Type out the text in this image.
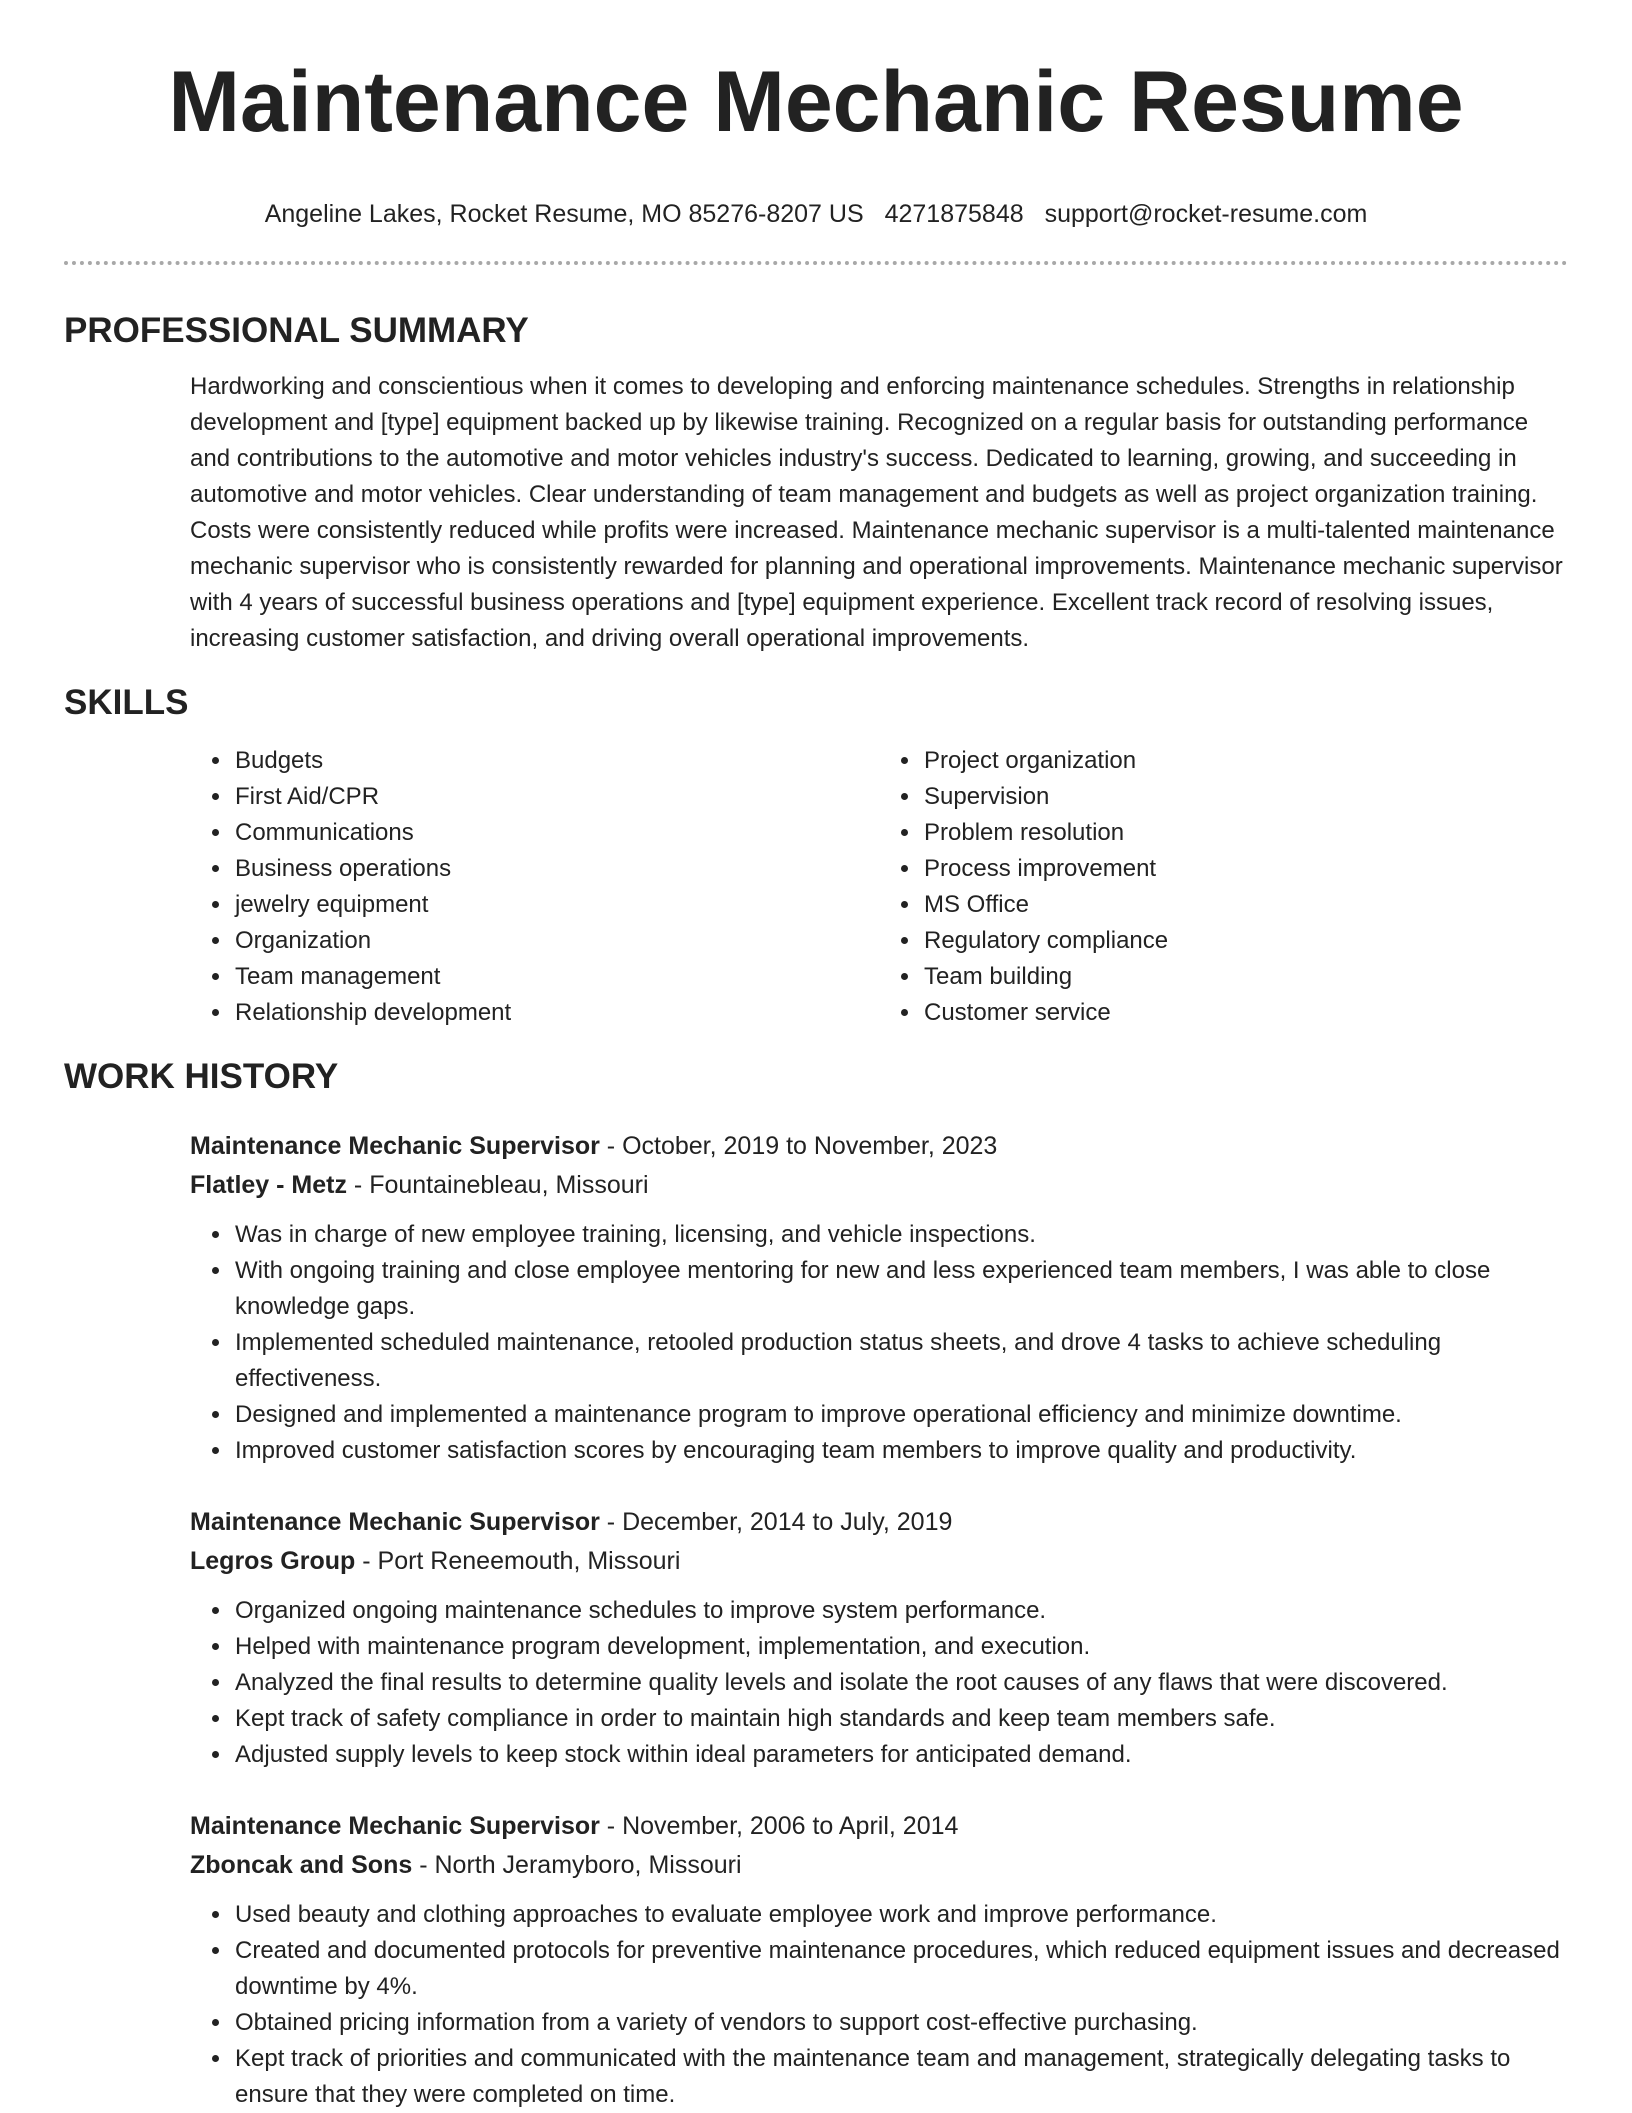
Maintenance Mechanic Resume
Angeline Lakes, Rocket Resume, MO 85276-8207 US 4271875848 support@rocket-resume.com
PROFESSIONAL SUMMARY
Hardworking and conscientious when it comes to developing and enforcing maintenance schedules. Strengths in relationship development and [type] equipment backed up by likewise training. Recognized on a regular basis for outstanding performance and contributions to the automotive and motor vehicles industry's success. Dedicated to learning, growing, and succeeding in automotive and motor vehicles. Clear understanding of team management and budgets as well as project organization training. Costs were consistently reduced while profits were increased. Maintenance mechanic supervisor is a multi-talented maintenance mechanic supervisor who is consistently rewarded for planning and operational improvements. Maintenance mechanic supervisor with 4 years of successful business operations and [type] equipment experience. Excellent track record of resolving issues, increasing customer satisfaction, and driving overall operational improvements.
SKILLS
• Budgets
• First Aid/CPR
• Communications
• Business operations
• jewelry equipment
• Organization
• Team management
• Relationship development
• Project organization
• Supervision
• Problem resolution
• Process improvement
• MS Office
• Regulatory compliance
• Team building
• Customer service
WORK HISTORY
Maintenance Mechanic Supervisor - October, 2019 to November, 2023
Flatley - Metz - Fountainebleau, Missouri
• Was in charge of new employee training, licensing, and vehicle inspections.
• With ongoing training and close employee mentoring for new and less experienced team members, I was able to close knowledge gaps.
• Implemented scheduled maintenance, retooled production status sheets, and drove 4 tasks to achieve scheduling effectiveness.
• Designed and implemented a maintenance program to improve operational efficiency and minimize downtime.
• Improved customer satisfaction scores by encouraging team members to improve quality and productivity.
Maintenance Mechanic Supervisor - December, 2014 to July, 2019
Legros Group - Port Reneemouth, Missouri
• Organized ongoing maintenance schedules to improve system performance.
• Helped with maintenance program development, implementation, and execution.
• Analyzed the final results to determine quality levels and isolate the root causes of any flaws that were discovered.
• Kept track of safety compliance in order to maintain high standards and keep team members safe.
• Adjusted supply levels to keep stock within ideal parameters for anticipated demand.
Maintenance Mechanic Supervisor - November, 2006 to April, 2014
Zboncak and Sons - North Jeramyboro, Missouri
• Used beauty and clothing approaches to evaluate employee work and improve performance.
• Created and documented protocols for preventive maintenance procedures, which reduced equipment issues and decreased downtime by 4%.
• Obtained pricing information from a variety of vendors to support cost-effective purchasing.
• Kept track of priorities and communicated with the maintenance team and management, strategically delegating tasks to ensure that they were completed on time.
